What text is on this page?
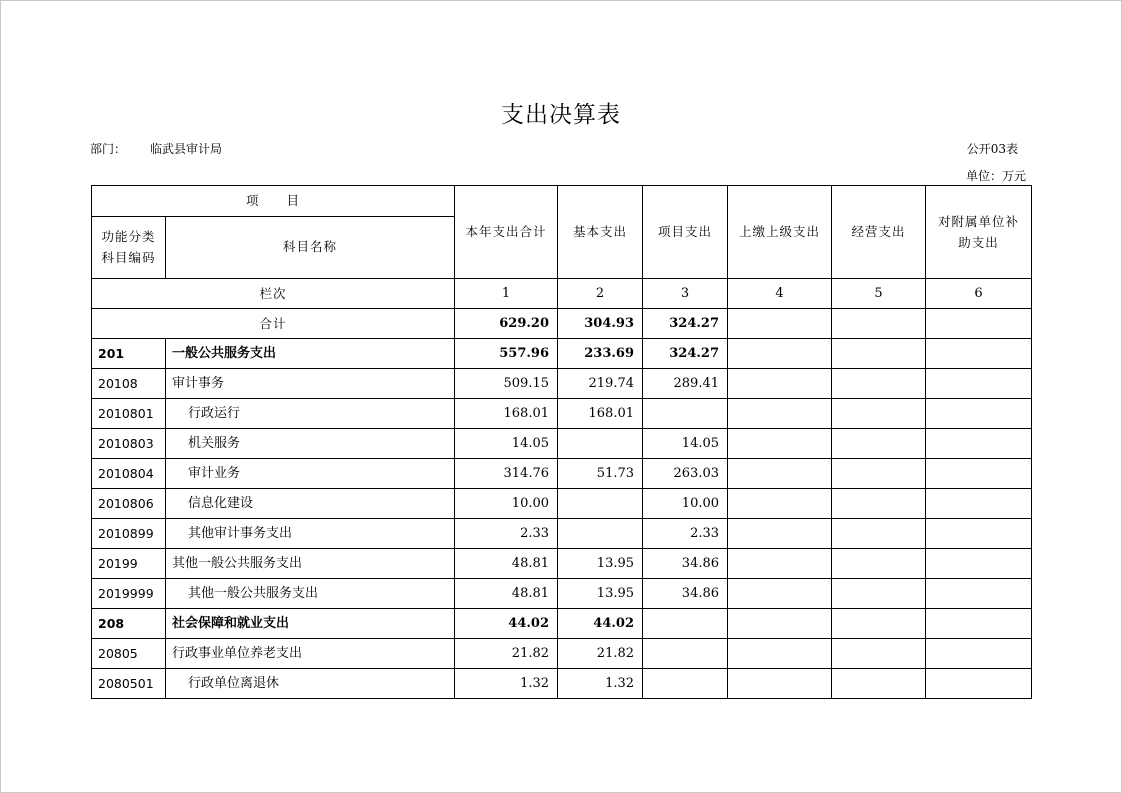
支出决算表
部门： 临武县审计局	公开03表
单位：万元
项　　目		本年支出合计	基本支出	项目支出	上缴上级支出	经营支出	对附属单位补助支出
功能分类科目编码	科目名称						
栏次		1	2	3	4	5	6
合计		629.20	304.93	324.27			
201	一般公共服务支出	557.96	233.69	324.27			
20108	审计事务	509.15	219.74	289.41			
2010801	行政运行	168.01	168.01				
2010803	机关服务	14.05		14.05			
2010804	审计业务	314.76	51.73	263.03			
2010806	信息化建设	10.00		10.00			
2010899	其他审计事务支出	2.33		2.33			
20199	其他一般公共服务支出	48.81	13.95	34.86			
2019999	其他一般公共服务支出	48.81	13.95	34.86			
208	社会保障和就业支出	44.02	44.02				
20805	行政事业单位养老支出	21.82	21.82				
2080501	行政单位离退休	1.32	1.32				
